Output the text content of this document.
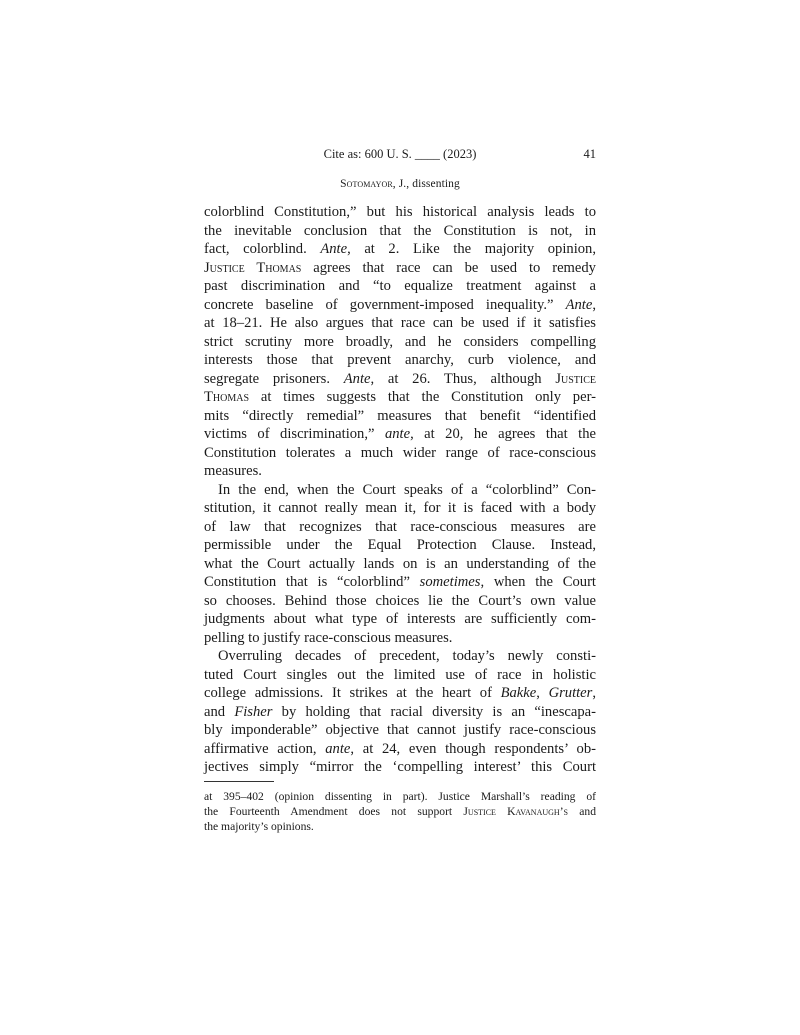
Cite as: 600 U. S. ____ (2023)	41
Sotomayor, J., dissenting
colorblind Constitution,” but his historical analysis leads to
the inevitable conclusion that the Constitution is not, in
fact, colorblind. Ante, at 2. Like the majority opinion,
Justice Thomas agrees that race can be used to remedy
past discrimination and “to equalize treatment against a
concrete baseline of government-imposed inequality.” Ante,
at 18–21. He also argues that race can be used if it satisfies
strict scrutiny more broadly, and he considers compelling
interests those that prevent anarchy, curb violence, and
segregate prisoners. Ante, at 26. Thus, although Justice
Thomas at times suggests that the Constitution only per-
mits “directly remedial” measures that benefit “identified
victims of discrimination,” ante, at 20, he agrees that the
Constitution tolerates a much wider range of race-conscious
measures.
In the end, when the Court speaks of a “colorblind” Con-
stitution, it cannot really mean it, for it is faced with a body
of law that recognizes that race-conscious measures are
permissible under the Equal Protection Clause. Instead,
what the Court actually lands on is an understanding of the
Constitution that is “colorblind” sometimes, when the Court
so chooses. Behind those choices lie the Court’s own value
judgments about what type of interests are sufficiently com-
pelling to justify race-conscious measures.
Overruling decades of precedent, today’s newly consti-
tuted Court singles out the limited use of race in holistic
college admissions. It strikes at the heart of Bakke, Grutter,
and Fisher by holding that racial diversity is an “inescapa-
bly imponderable” objective that cannot justify race-conscious
affirmative action, ante, at 24, even though respondents’ ob-
jectives simply “mirror the ‘compelling interest’ this Court
at 395–402 (opinion dissenting in part). Justice Marshall’s reading of
the Fourteenth Amendment does not support Justice Kavanaugh’s and
the majority’s opinions.
